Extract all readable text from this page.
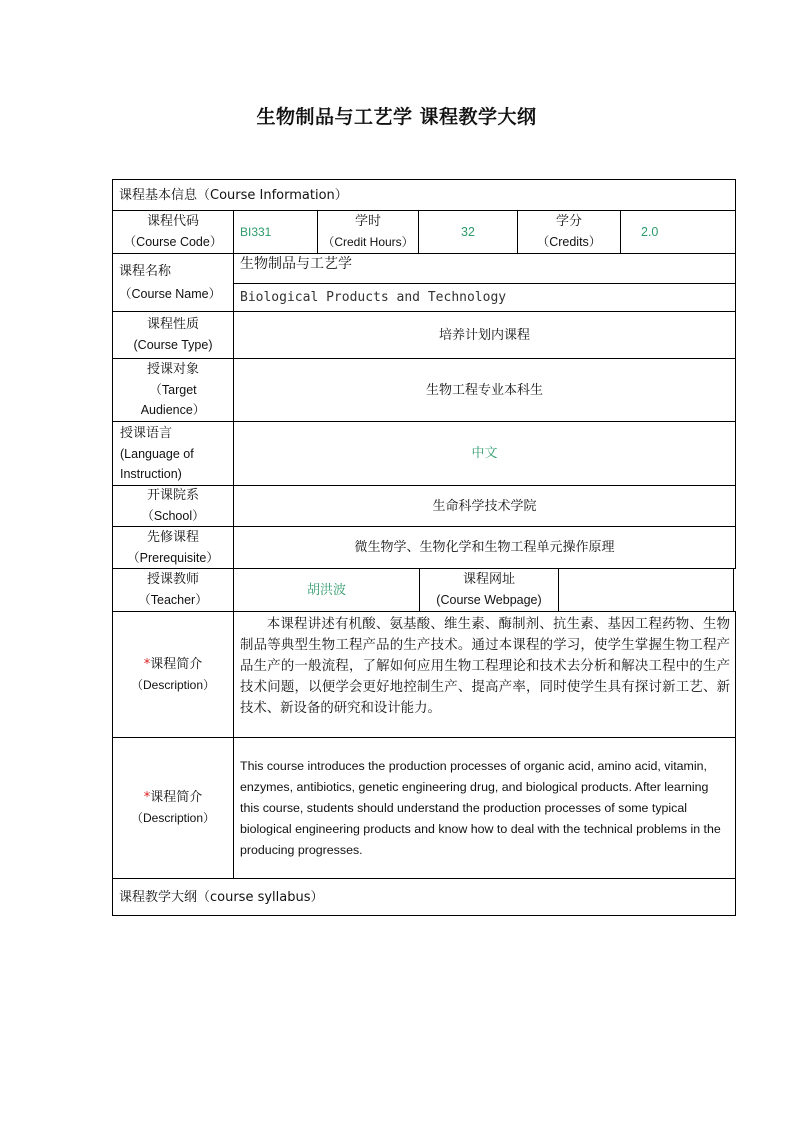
生物制品与工艺学 课程教学大纲
课程基本信息（Course Information）
课程代码
（Course Code）
BI331
学时
（Credit Hours）
32
学分
（Credits）
2.0
课程名称
（Course Name）
生物制品与工艺学
Biological Products and Technology
课程性质
(Course Type)
培养计划内课程
授课对象
（Target
Audience）
生物工程专业本科生
授课语言
(Language of
Instruction)
中文
开课院系
（School）
生命科学技术学院
先修课程
（Prerequisite）
微生物学、生物化学和生物工程单元操作原理
授课教师
（Teacher）
胡洪波
课程网址
(Course Webpage)
*课程简介
（Description）
本课程讲述有机酸、氨基酸、维生素、酶制剂、抗生素、基因工程药物、生物制品等典型生物工程产品的生产技术。通过本课程的学习，使学生掌握生物工程产品生产的一般流程，了解如何应用生物工程理论和技术去分析和解决工程中的生产技术问题，以便学会更好地控制生产、提高产率，同时使学生具有探讨新工艺、新技术、新设备的研究和设计能力。
*课程简介
（Description）
This course introduces the production processes of organic acid, amino acid, vitamin, enzymes, antibiotics, genetic engineering drug, and biological products. After learning this course, students should understand the production processes of some typical biological engineering products and know how to deal with the technical problems in the producing progresses.
课程教学大纲（course syllabus）
